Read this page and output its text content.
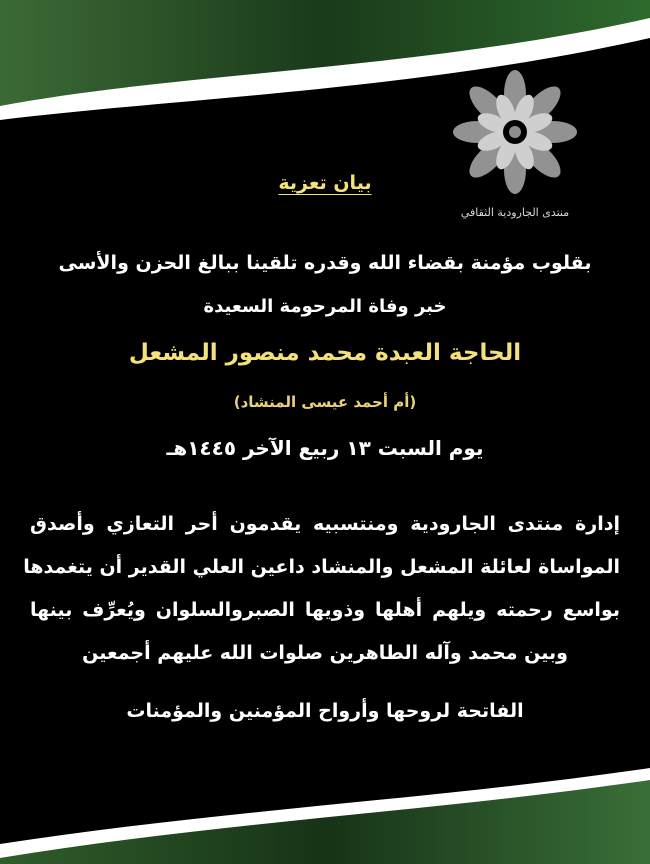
منتدى الجارودية الثقافي
بيان تعزية
بقلوب مؤمنة بقضاء الله وقدره تلقينا ببالغ الحزن والأسى
خبر وفاة المرحومة السعيدة
الحاجة العبدة محمد منصور المشعل
(أم أحمد عيسى المنشاد)
يوم السبت ١٣ ربيع الآخر ١٤٤٥هـ
إدارة منتدى الجارودية ومنتسبيه يقدمون أحر التعازي وأصدق
المواساة لعائلة المشعل والمنشاد داعين العلي القدير أن يتغمدها
بواسع رحمته ويلهم أهلها وذويها الصبروالسلوان ويُعرِّف بينها
وبين محمد وآله الطاهرين صلوات الله عليهم أجمعين
الفاتحة لروحها وأرواح المؤمنين والمؤمنات
